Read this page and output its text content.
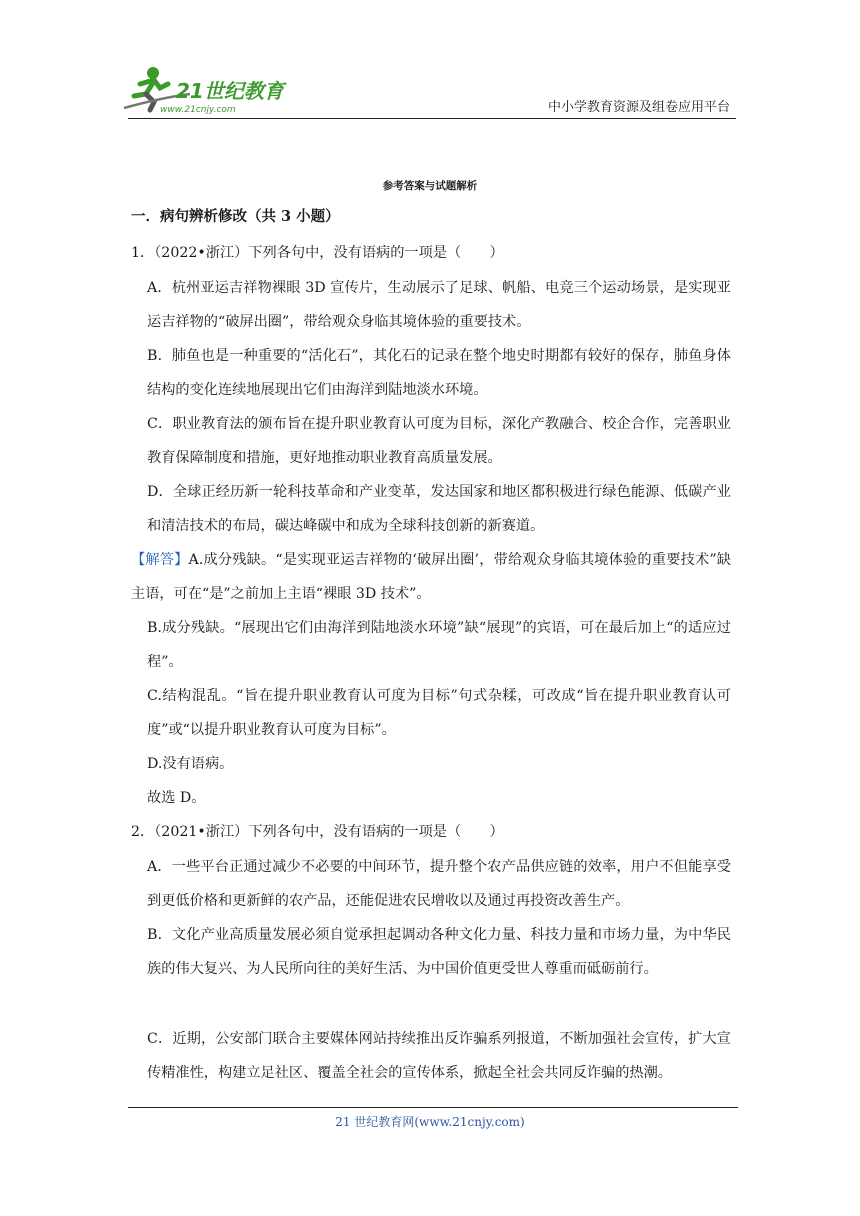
21世纪教育
www.21cnjy.com	中小学教育资源及组卷应用平台
参考答案与试题解析
一．病句辨析修改（共 3 小题）
1．（2022•浙江）下列各句中，没有语病的一项是（　　）
A．杭州亚运吉祥物裸眼 3D 宣传片，生动展示了足球、帆船、电竞三个运动场景，是实现亚运吉祥物的“破屏出圈”，带给观众身临其境体验的重要技术。
B．肺鱼也是一种重要的“活化石”，其化石的记录在整个地史时期都有较好的保存，肺鱼身体结构的变化连续地展现出它们由海洋到陆地淡水环境。
C．职业教育法的颁布旨在提升职业教育认可度为目标，深化产教融合、校企合作，完善职业教育保障制度和措施，更好地推动职业教育高质量发展。
D．全球正经历新一轮科技革命和产业变革，发达国家和地区都积极进行绿色能源、低碳产业和清洁技术的布局，碳达峰碳中和成为全球科技创新的新赛道。
【解答】A.成分残缺。“是实现亚运吉祥物的‘破屏出圈’，带给观众身临其境体验的重要技术”缺主语，可在“是”之前加上主语“裸眼 3D 技术”。
B.成分残缺。“展现出它们由海洋到陆地淡水环境”缺“展现”的宾语，可在最后加上“的适应过程”。
C.结构混乱。“旨在提升职业教育认可度为目标”句式杂糅，可改成“旨在提升职业教育认可度”或“以提升职业教育认可度为目标”。
D.没有语病。
故选 D。
2．（2021•浙江）下列各句中，没有语病的一项是（　　）
A．一些平台正通过减少不必要的中间环节，提升整个农产品供应链的效率，用户不但能享受到更低价格和更新鲜的农产品，还能促进农民增收以及通过再投资改善生产。
B．文化产业高质量发展必须自觉承担起调动各种文化力量、科技力量和市场力量，为中华民族的伟大复兴、为人民所向往的美好生活、为中国价值更受世人尊重而砥砺前行。
C．近期，公安部门联合主要媒体网站持续推出反诈骗系列报道，不断加强社会宣传，扩大宣传精准性，构建立足社区、覆盖全社会的宣传体系，掀起全社会共同反诈骗的热潮。
21 世纪教育网(www.21cnjy.com)
